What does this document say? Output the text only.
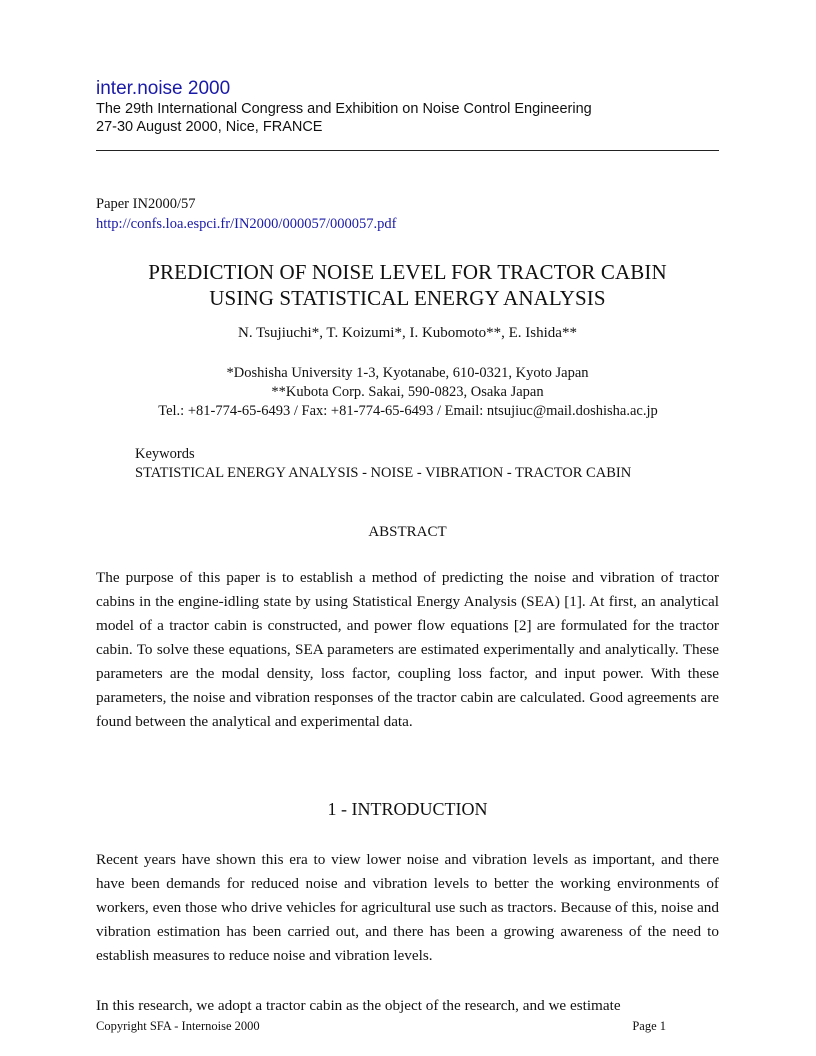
inter.noise 2000
The 29th International Congress and Exhibition on Noise Control Engineering
27-30 August 2000, Nice, FRANCE
Paper IN2000/57
http://confs.loa.espci.fr/IN2000/000057/000057.pdf
PREDICTION OF NOISE LEVEL FOR TRACTOR CABIN
USING STATISTICAL ENERGY ANALYSIS
N. Tsujiuchi*, T. Koizumi*, I. Kubomoto**, E. Ishida**
*Doshisha University 1-3, Kyotanabe, 610-0321, Kyoto Japan
**Kubota Corp. Sakai, 590-0823, Osaka Japan
Tel.: +81-774-65-6493 / Fax: +81-774-65-6493 / Email: ntsujiuc@mail.doshisha.ac.jp
Keywords
STATISTICAL ENERGY ANALYSIS - NOISE - VIBRATION - TRACTOR CABIN
ABSTRACT

The purpose of this paper is to establish a method of predicting the noise and vibration of tractor cabins in the engine-idling state by using Statistical Energy Analysis (SEA) [1]. At first, an analytical model of a tractor cabin is constructed, and power flow equations [2] are formulated for the tractor cabin. To solve these equations, SEA parameters are estimated experimentally and analytically. These parameters are the modal density, loss factor, coupling loss factor, and input power. With these parameters, the noise and vibration responses of the tractor cabin are calculated. Good agreements are found between the analytical and experimental data.

1 - INTRODUCTION

Recent years have shown this era to view lower noise and vibration levels as important, and there have been demands for reduced noise and vibration levels to better the working environments of workers, even those who drive vehicles for agricultural use such as tractors. Because of this, noise and vibration estimation has been carried out, and there has been a growing awareness of the need to establish measures to reduce noise and vibration levels.

In this research, we adopt a tractor cabin as the object of the research, and we estimate

Copyright SFA - Internoise 2000	Page 1
